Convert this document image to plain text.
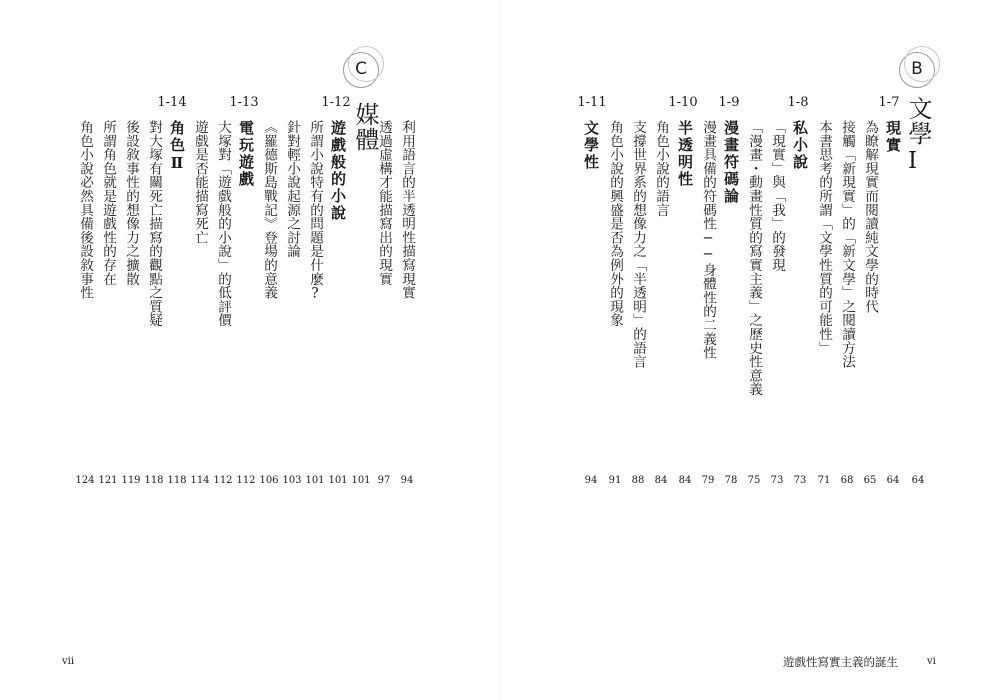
C
媒體
1-12
1-13
1-14
利用語言的半透明性描寫現實
94
透過虛構才能描寫出的現實
97
101
遊戲般的小說
101
所謂小說特有的問題是什麼?
101
針對輕小說起源之討論
103
《羅德斯島戰記》登場的意義
106
電玩遊戲
112
大塚對「遊戲般的小說」的低評價
112
遊戲是否能描寫死亡
114
角色Ⅱ
118
對大塚有關死亡描寫的觀點之質疑
118
後設敘事性的想像力之擴散
119
所謂角色就是遊戲性的存在
121
角色小說必然具備後設敘事性
124
vii
B
文學
Ⅰ
1-7
1-8
1-9
1-10
1-11
64
現實
64
為瞭解現實而閱讀純文學的時代
65
接觸「新現實」的「新文學」之閱讀方法
68
本書思考的所謂「文學性質的可能性」
71
私小說
73
「現實」與「我」的發現
73
「漫畫・動畫性質的寫實主義」之歷史性意義
75
漫畫符碼論
78
漫畫具備的符碼性──身體性的二義性
79
半透明性
84
角色小說的語言
84
支撐世界系的想像力之「半透明」的語言
88
角色小說的興盛是否為例外的現象
91
文學性
94
遊戲性寫實主義的誕生	vi
